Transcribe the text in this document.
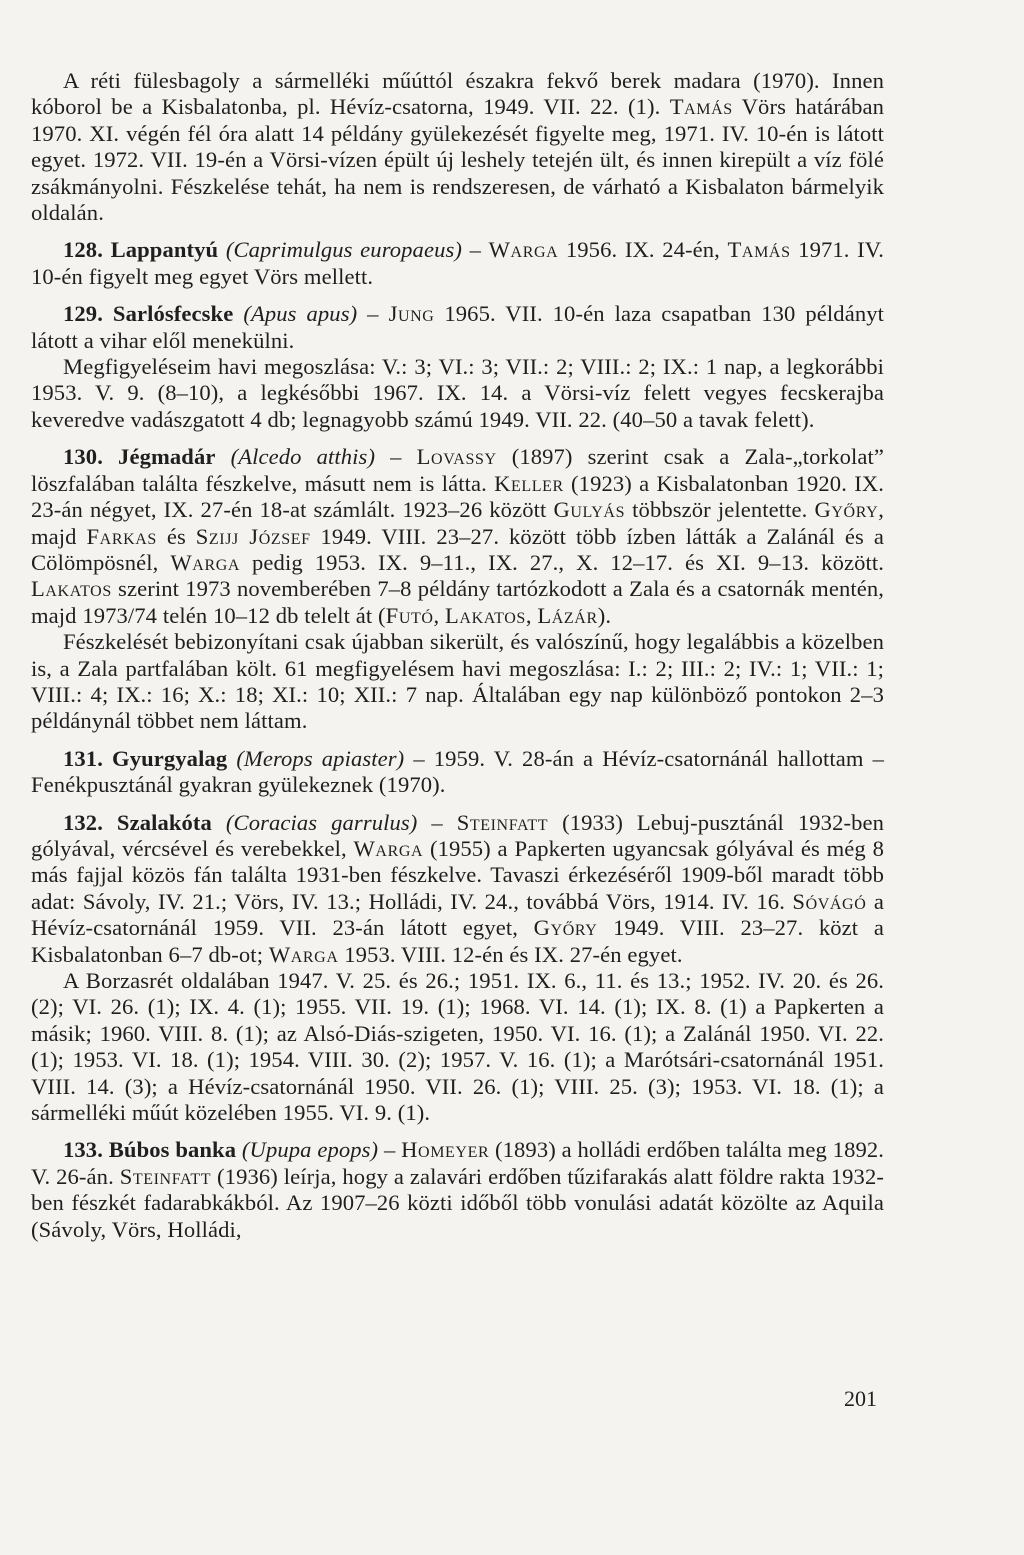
A réti fülesbagoly a sármelléki műúttól északra fekvő berek madara (1970). Innen kóborol be a Kisbalatonba, pl. Hévíz-csatorna, 1949. VII. 22. (1). Tamás Vörs határában 1970. XI. végén fél óra alatt 14 példány gyülekezését figyelte meg, 1971. IV. 10-én is látott egyet. 1972. VII. 19-én a Vörsi-vízen épült új leshely tetején ült, és innen kirepült a víz fölé zsákmányolni. Fészkelése tehát, ha nem is rendszeresen, de várható a Kisbalaton bármelyik oldalán.

128. Lappantyú (Caprimulgus europaeus) – Warga 1956. IX. 24-én, Tamás 1971. IV. 10-én figyelt meg egyet Vörs mellett.

129. Sarlósfecske (Apus apus) – Jung 1965. VII. 10-én laza csapatban 130 példányt látott a vihar elől menekülni.

Megfigyeléseim havi megoszlása: V.: 3; VI.: 3; VII.: 2; VIII.: 2; IX.: 1 nap, a legkorábbi 1953. V. 9. (8–10), a legkésőbbi 1967. IX. 14. a Vörsi-víz felett vegyes fecskerajba keveredve vadászgatott 4 db; legnagyobb számú 1949. VII. 22. (40–50 a tavak felett).

130. Jégmadár (Alcedo atthis) – Lovassy (1897) szerint csak a Zala-„torkolat” löszfalában találta fészkelve, másutt nem is látta. Keller (1923) a Kisbalatonban 1920. IX. 23-án négyet, IX. 27-én 18-at számlált. 1923–26 között Gulyás többször jelentette. Győry, majd Farkas és Szijj József 1949. VIII. 23–27. között több ízben látták a Zalánál és a Cölömpösnél, Warga pedig 1953. IX. 9–11., IX. 27., X. 12–17. és XI. 9–13. között. Lakatos szerint 1973 novemberében 7–8 példány tartózkodott a Zala és a csatornák mentén, majd 1973/74 telén 10–12 db telelt át (Futó, Lakatos, Lázár).

Fészkelését bebizonyítani csak újabban sikerült, és valószínű, hogy legalábbis a közelben is, a Zala partfalában költ. 61 megfigyelésem havi megoszlása: I.: 2; III.: 2; IV.: 1; VII.: 1; VIII.: 4; IX.: 16; X.: 18; XI.: 10; XII.: 7 nap. Általában egy nap különböző pontokon 2–3 példánynál többet nem láttam.

131. Gyurgyalag (Merops apiaster) – 1959. V. 28-án a Hévíz-csatornánál hallottam – Fenékpusztánál gyakran gyülekeznek (1970).

132. Szalakóta (Coracias garrulus) – Steinfatt (1933) Lebuj-pusztánál 1932-ben gólyával, vércsével és verebekkel, Warga (1955) a Papkerten ugyancsak gólyával és még 8 más fajjal közös fán találta 1931-ben fészkelve. Tavaszi érkezéséről 1909-ből maradt több adat: Sávoly, IV. 21.; Vörs, IV. 13.; Holládi, IV. 24., továbbá Vörs, 1914. IV. 16. Sóvágó a Hévíz-csatornánál 1959. VII. 23-án látott egyet, Győry 1949. VIII. 23–27. közt a Kisbalatonban 6–7 db-ot; Warga 1953. VIII. 12-én és IX. 27-én egyet.

A Borzasrét oldalában 1947. V. 25. és 26.; 1951. IX. 6., 11. és 13.; 1952. IV. 20. és 26. (2); VI. 26. (1); IX. 4. (1); 1955. VII. 19. (1); 1968. VI. 14. (1); IX. 8. (1) a Papkerten a másik; 1960. VIII. 8. (1); az Alsó-Diás-szigeten, 1950. VI. 16. (1); a Zalánál 1950. VI. 22. (1); 1953. VI. 18. (1); 1954. VIII. 30. (2); 1957. V. 16. (1); a Marótsári-csatornánál 1951. VIII. 14. (3); a Hévíz-csatornánál 1950. VII. 26. (1); VIII. 25. (3); 1953. VI. 18. (1); a sármelléki műút közelében 1955. VI. 9. (1).

133. Búbos banka (Upupa epops) – Homeyer (1893) a holládi erdőben találta meg 1892. V. 26-án. Steinfatt (1936) leírja, hogy a zalavári erdőben tűzifarakás alatt földre rakta 1932-ben fészkét fadarabkákból. Az 1907–26 közti időből több vonulási adatát közölte az Aquila (Sávoly, Vörs, Holládi,

201
